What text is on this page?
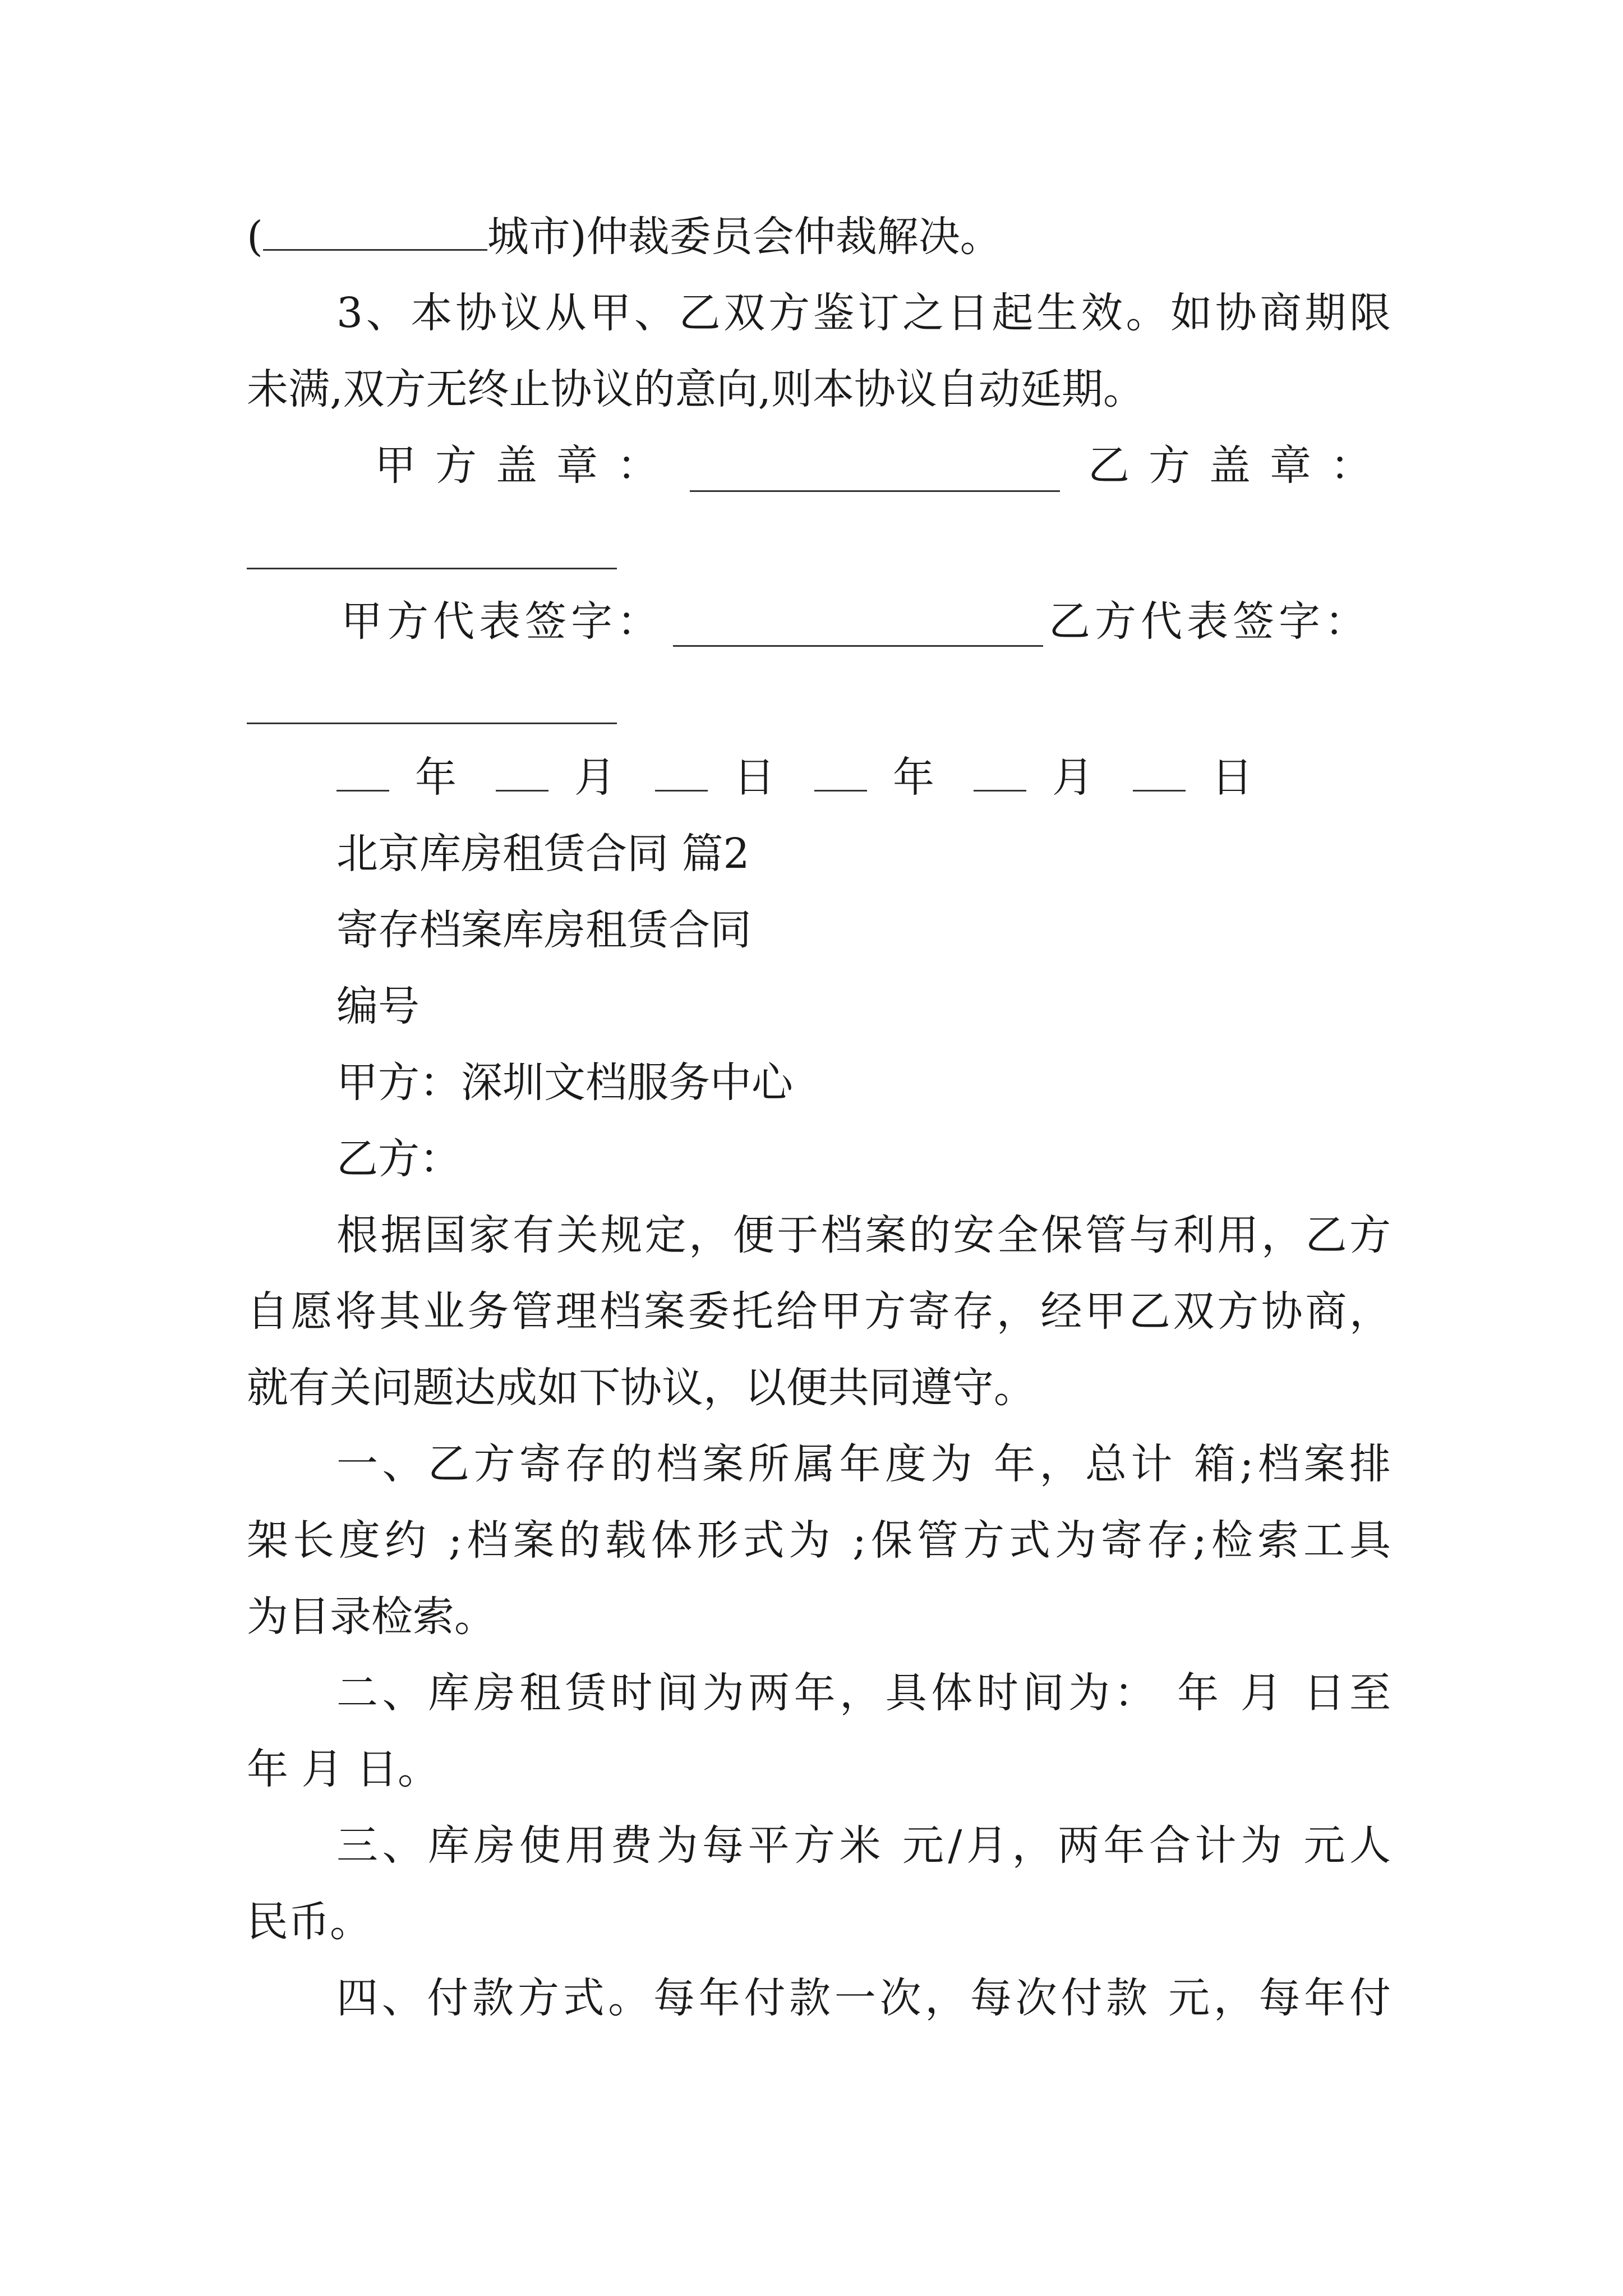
(	城市)仲裁委员会仲裁解决。
3、本协议从甲、乙双方鉴订之日起生效。如协商期限
未满,双方无终止协议的意向,则本协议自动延期。
甲方盖章：	乙方盖章：
甲方代表签字：	乙方代表签字：
年	月	日	年	月	日
北京库房租赁合同 篇2
寄存档案库房租赁合同
编号
甲方：深圳文档服务中心
乙方：
根据国家有关规定，便于档案的安全保管与利用，乙方
自愿将其业务管理档案委托给甲方寄存，经甲乙双方协商，
就有关问题达成如下协议，以便共同遵守。
一、乙方寄存的档案所属年度为 年，总计 箱;档案排
架长度约 ;档案的载体形式为 ;保管方式为寄存;检索工具
为目录检索。
二、库房租赁时间为两年，具体时间为： 年 月 日至
年 月 日。
三、库房使用费为每平方米 元/月，两年合计为 元人
民币。
四、付款方式。每年付款一次，每次付款 元，每年付
